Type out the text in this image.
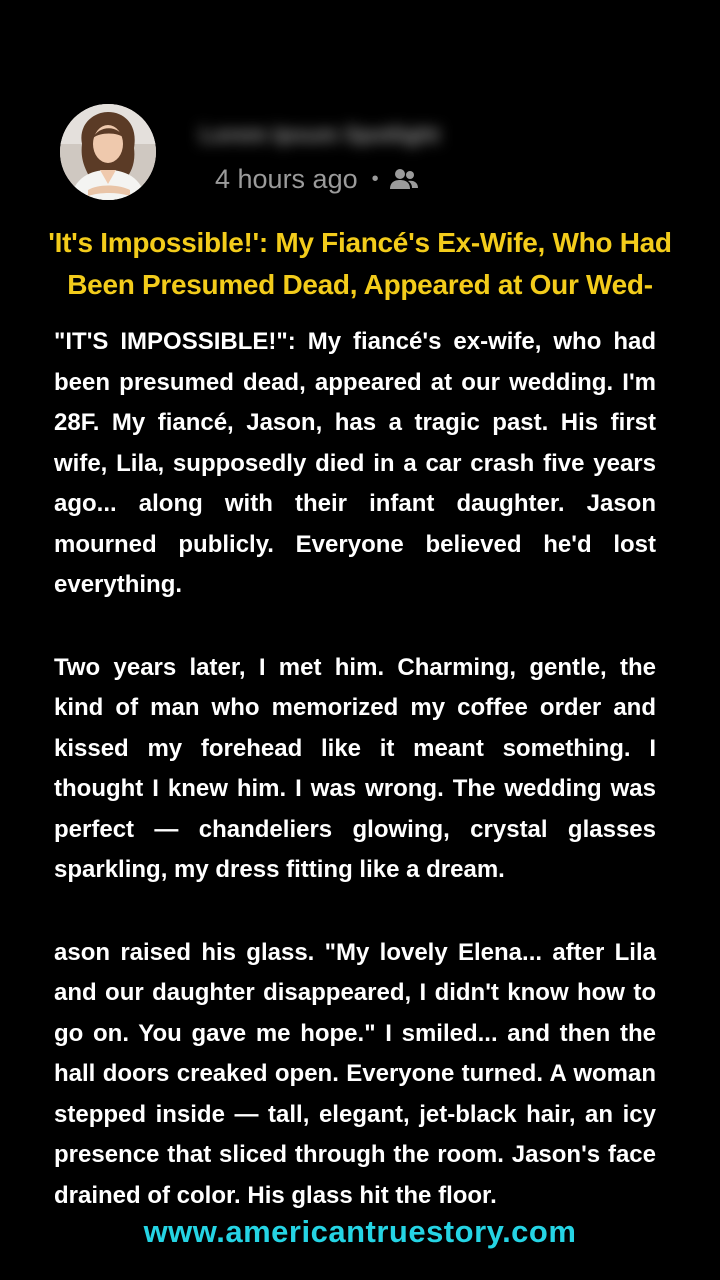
Lorem Ipsum Spotlight
4 hours ago •
'It's Impossible!': My Fiancé's Ex-Wife, Who Had Been Presumed Dead, Appeared at Our Wed-

"IT'S IMPOSSIBLE!": My fiancé's ex-wife, who had been presumed dead, appeared at our wedding. I'm 28F. My fiancé, Jason, has a tragic past. His first wife, Lila, supposedly died in a car crash five years ago... along with their infant daughter. Jason mourned publicly. Everyone believed he'd lost everything.

Two years later, I met him. Charming, gentle, the kind of man who memorized my coffee order and kissed my forehead like it meant something. I thought I knew him. I was wrong. The wedding was perfect — chandeliers glowing, crystal glasses sparkling, my dress fitting like a dream.

ason raised his glass. "My lovely Elena... after Lila and our daughter disappeared, I didn't know how to go on. You gave me hope." I smiled... and then the hall doors creaked open. Everyone turned. A woman stepped inside — tall, elegant, jet-black hair, an icy presence that sliced through the room. Jason's face drained of color. His glass hit the floor.

www.americantruestory.com
